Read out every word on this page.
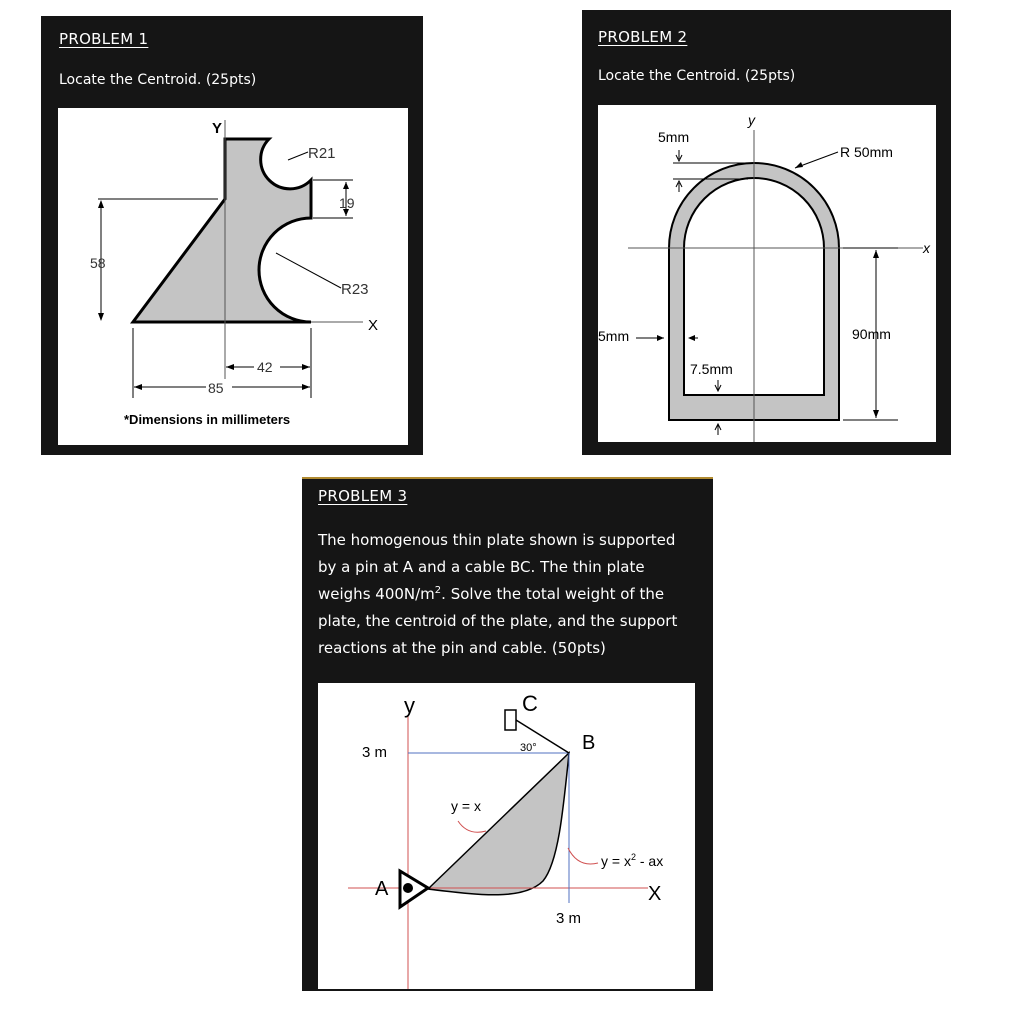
PROBLEM 1
Locate the Centroid. (25pts)
Y
X
R21
R23
19
58
42
85
*Dimensions in millimeters
PROBLEM 2
Locate the Centroid. (25pts)
y
x
5mm
R 50mm
5mm
7.5mm
90mm
PROBLEM 3
The homogenous thin plate shown is supported
by a pin at A and a cable BC. The thin plate
weighs $400N/m^2$. Solve the total weight of the
plate, the centroid of the plate, and the support
reactions at the pin and cable. (50pts)
y
X
C
B
30°
3 m
3 m
y = x
$y = x^2$ - ax
A
